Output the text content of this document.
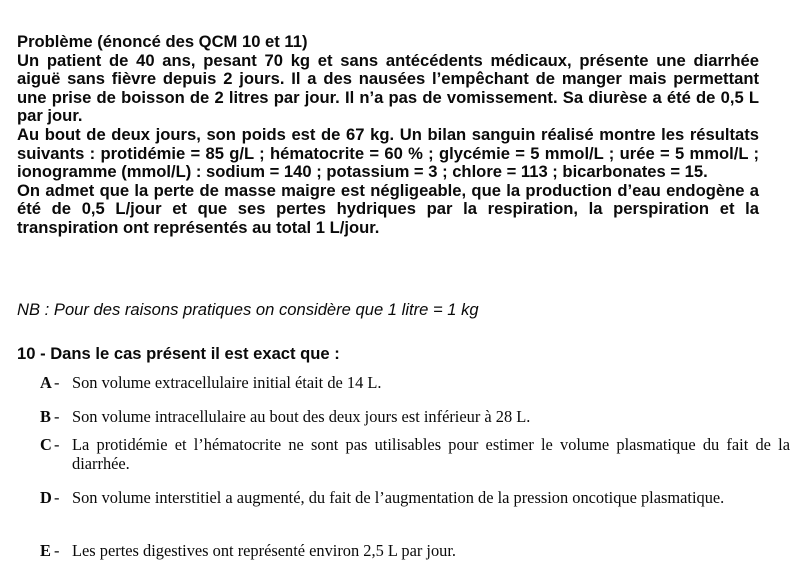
Problème (énoncé des QCM 10 et 11)

Un patient de 40 ans, pesant 70 kg et sans antécédents médicaux, présente une diarrhée aiguë sans fièvre depuis 2 jours. Il a des nausées l’empêchant de manger mais permettant une prise de boisson de 2 litres par jour. Il n’a pas de vomissement. Sa diurèse a été de 0,5 L par jour.

Au bout de deux jours, son poids est de 67 kg. Un bilan sanguin réalisé montre les résultats suivants : protidémie = 85 g/L ; hématocrite = 60 % ; glycémie = 5 mmol/L ; urée = 5 mmol/L ; ionogramme (mmol/L) : sodium = 140 ; potassium = 3 ; chlore = 113 ; bicarbonates = 15.

On admet que la perte de masse maigre est négligeable, que la production d’eau endogène a été de 0,5 L/jour et que ses pertes hydriques par la respiration, la perspiration et la transpiration ont représentés au total 1 L/jour.

NB : Pour des raisons pratiques on considère que 1 litre = 1 kg
10 - Dans le cas présent il est exact que :
A - Son volume extracellulaire initial était de 14 L.
B - Son volume intracellulaire au bout des deux jours est inférieur à 28 L.
C - La protidémie et l’hématocrite ne sont pas utilisables pour estimer le volume plasmatique du fait de la diarrhée.
D - Son volume interstitiel a augmenté, du fait de l’augmentation de la pression oncotique plasmatique.
E - Les pertes digestives ont représenté environ 2,5 L par jour.
